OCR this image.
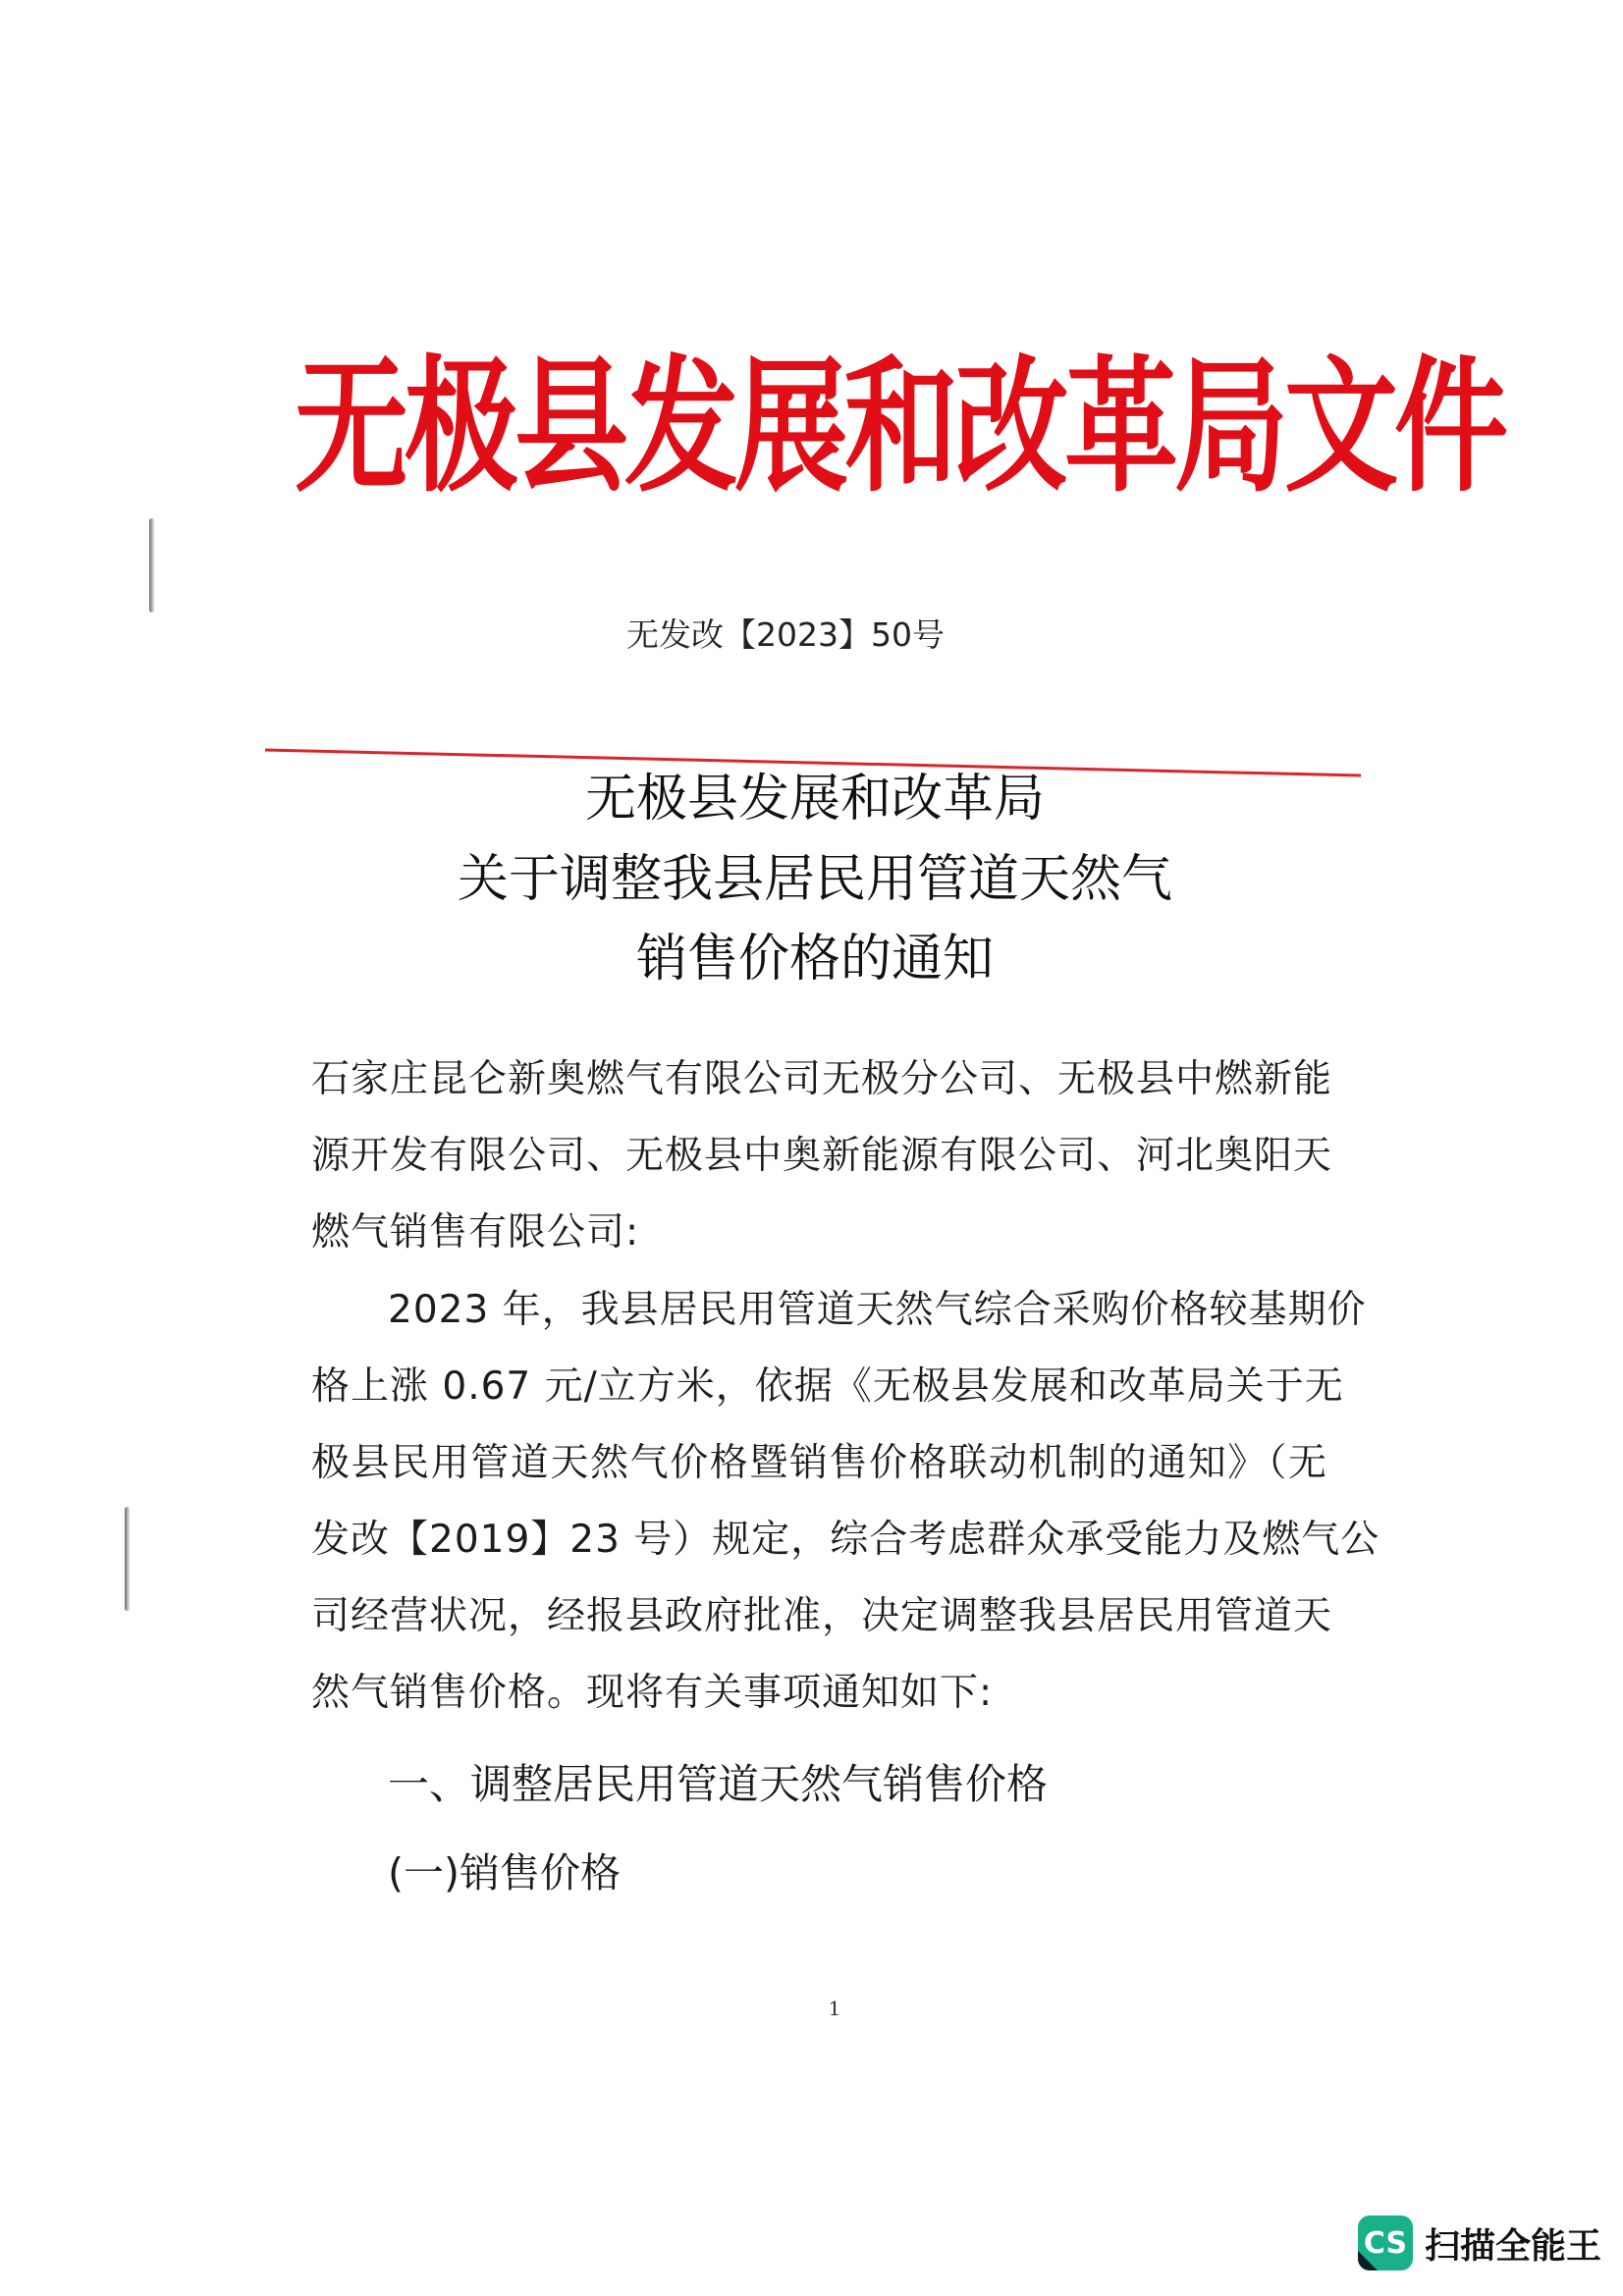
无极县发展和改革局文件
无发改【2023】50号
无极县发展和改革局
关于调整我县居民用管道天然气
销售价格的通知
石家庄昆仑新奥燃气有限公司无极分公司、无极县中燃新能
源开发有限公司、无极县中奥新能源有限公司、河北奥阳天
燃气销售有限公司:
2023 年，我县居民用管道天然气综合采购价格较基期价
格上涨 0.67 元/立方米，依据《无极县发展和改革局关于无
极县民用管道天然气价格暨销售价格联动机制的通知》（无
发改【2019】23 号）规定，综合考虑群众承受能力及燃气公
司经营状况，经报县政府批准，决定调整我县居民用管道天
然气销售价格。现将有关事项通知如下:
一、调整居民用管道天然气销售价格
(一)销售价格
1
CS 扫描全能王
